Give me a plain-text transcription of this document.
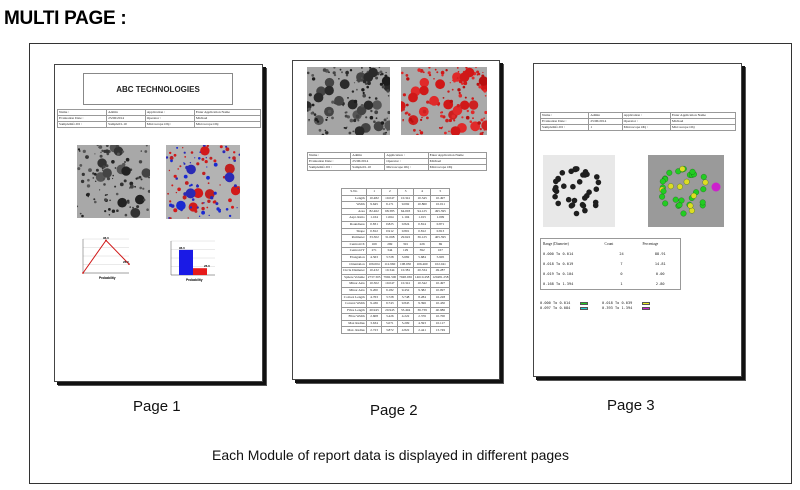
MULTI PAGE :
ABC TECHNOLOGIES
Name :	Admin	Application :	Enter Application Name
Evaluation Date :	25/06/2014	Operator :	Michael
SampleInfo ID :	Sample01-10	Microscope Obj :	Microscope Obj
96.0
26.0
Probability
96.0
26.0
Probability
Name :	Admin	Application :	Enter Application Name
Evaluation Date :	25/06/2014	Operator :	Michael
SampleInfo ID :	Sample01-10	Microscope Obj :	Microscope Obj
S.No	1	2	3	4	5
Length	10.482	10.047	10.341	10.345	10.497
Width	9.645	9.171	9.092	10.860	10.011
Area	82.462	68.385	64.003	94.125	495.395
Aspt. Ratio	1.164	1.064	1.104	1.015	1.009
Roundness	0.831	0.825	0.824	0.814	0.871
Shape	0.812	0.912	0.801	0.812	0.813
Perimeter	33.302	31.068	29.622	36.125	405.395
Centroid X	169	269	391	226	69
Centroid Y	271	344	129	392	167
Elongation	4.563	3.728	3.682	5.684	5.905
Orientation	106.004	112.960	108.030	106.460	102.041
Circle Diameter	10.432	10.344	10.381	20.334	49.287
Sphere Volume	2737.305	7992.500	7948.036	14610.458	120481.258
Minor Axis	10.302	10.047	10.341	10.342	10.497
Minor Axis	9.200	9.182	9.452	9.382	10.097
Convex Length	4.763	3.728	3.748	8.284	16.228
Convex Width	9.436	9.743	9.845	9.396	10.430
Fibre Length	20.945	20.945	33.494	36.739	40.986
Fibre Width	2.608	3.426	4.222	2.376	10.700
Max Radius	3.634	5.071	5.209	4.593	10.117
Max. Radius	2.723	3.872	4.822	2.441	13.749
Name :	Admin	Application :	Enter Application Name
Evaluation Date :	25/06/2014	Operator :	Michael
SampleInfo ID :	1	Microscope Obj :	Microscope Obj
Range (Diameter)	Count	Percentage
0.000 To 0.014	24	88.91
0.018 To 0.019	7	14.81
0.019 To 0.104	0	0.00
0.168 To 1.394	1	2.80
0.000 To 0.014	0.018 To 0.039
0.097 To 0.084	0.393 To 1.394
Page 1	Page 2	Page 3
Each Module of report data is displayed in different pages
